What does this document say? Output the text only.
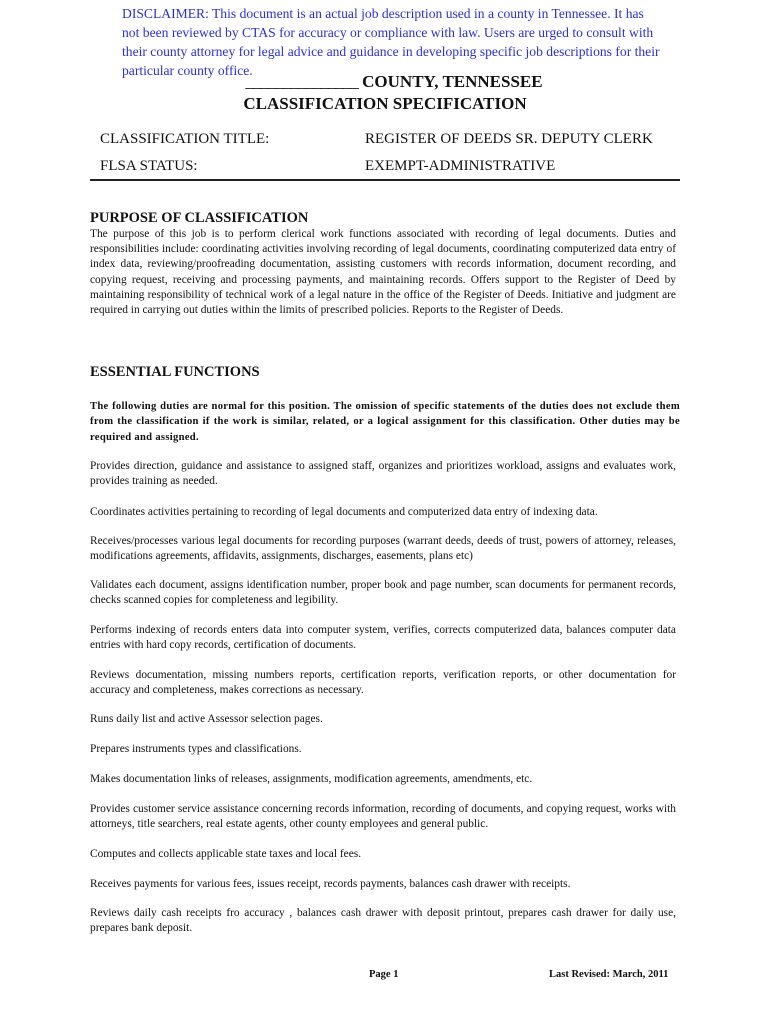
DISCLAIMER: This document is an actual job description used in a county in Tennessee. It has not been reviewed by CTAS for accuracy or compliance with law. Users are urged to consult with their county attorney for legal advice and guidance in developing specific job descriptions for their particular county office.
_______________ COUNTY, TENNESSEE
CLASSIFICATION SPECIFICATION
CLASSIFICATION TITLE:	REGISTER OF DEEDS SR. DEPUTY CLERK
FLSA STATUS:	EXEMPT-ADMINISTRATIVE
PURPOSE OF CLASSIFICATION
The purpose of this job is to perform clerical work functions associated with recording of legal documents. Duties and responsibilities include: coordinating activities involving recording of legal documents, coordinating computerized data entry of index data, reviewing/proofreading documentation, assisting customers with records information, document recording, and copying request, receiving and processing payments, and maintaining records. Offers support to the Register of Deed by maintaining responsibility of technical work of a legal nature in the office of the Register of Deeds. Initiative and judgment are required in carrying out duties within the limits of prescribed policies. Reports to the Register of Deeds.
ESSENTIAL FUNCTIONS
The following duties are normal for this position. The omission of specific statements of the duties does not exclude them from the classification if the work is similar, related, or a logical assignment for this classification. Other duties may be required and assigned.
Provides direction, guidance and assistance to assigned staff, organizes and prioritizes workload, assigns and evaluates work, provides training as needed.
Coordinates activities pertaining to recording of legal documents and computerized data entry of indexing data.
Receives/processes various legal documents for recording purposes (warrant deeds, deeds of trust, powers of attorney, releases, modifications agreements, affidavits, assignments, discharges, easements, plans etc)
Validates each document, assigns identification number, proper book and page number, scan documents for permanent records, checks scanned copies for completeness and legibility.
Performs indexing of records enters data into computer system, verifies, corrects computerized data, balances computer data entries with hard copy records, certification of documents.
Reviews documentation, missing numbers reports, certification reports, verification reports, or other documentation for accuracy and completeness, makes corrections as necessary.
Runs daily list and active Assessor selection pages.
Prepares instruments types and classifications.
Makes documentation links of releases, assignments, modification agreements, amendments, etc.
Provides customer service assistance concerning records information, recording of documents, and copying request, works with attorneys, title searchers, real estate agents, other county employees and general public.
Computes and collects applicable state taxes and local fees.
Receives payments for various fees, issues receipt, records payments, balances cash drawer with receipts.
Reviews daily cash receipts fro accuracy , balances cash drawer with deposit printout, prepares cash drawer for daily use, prepares bank deposit.
Page 1	Last Revised: March, 2011
